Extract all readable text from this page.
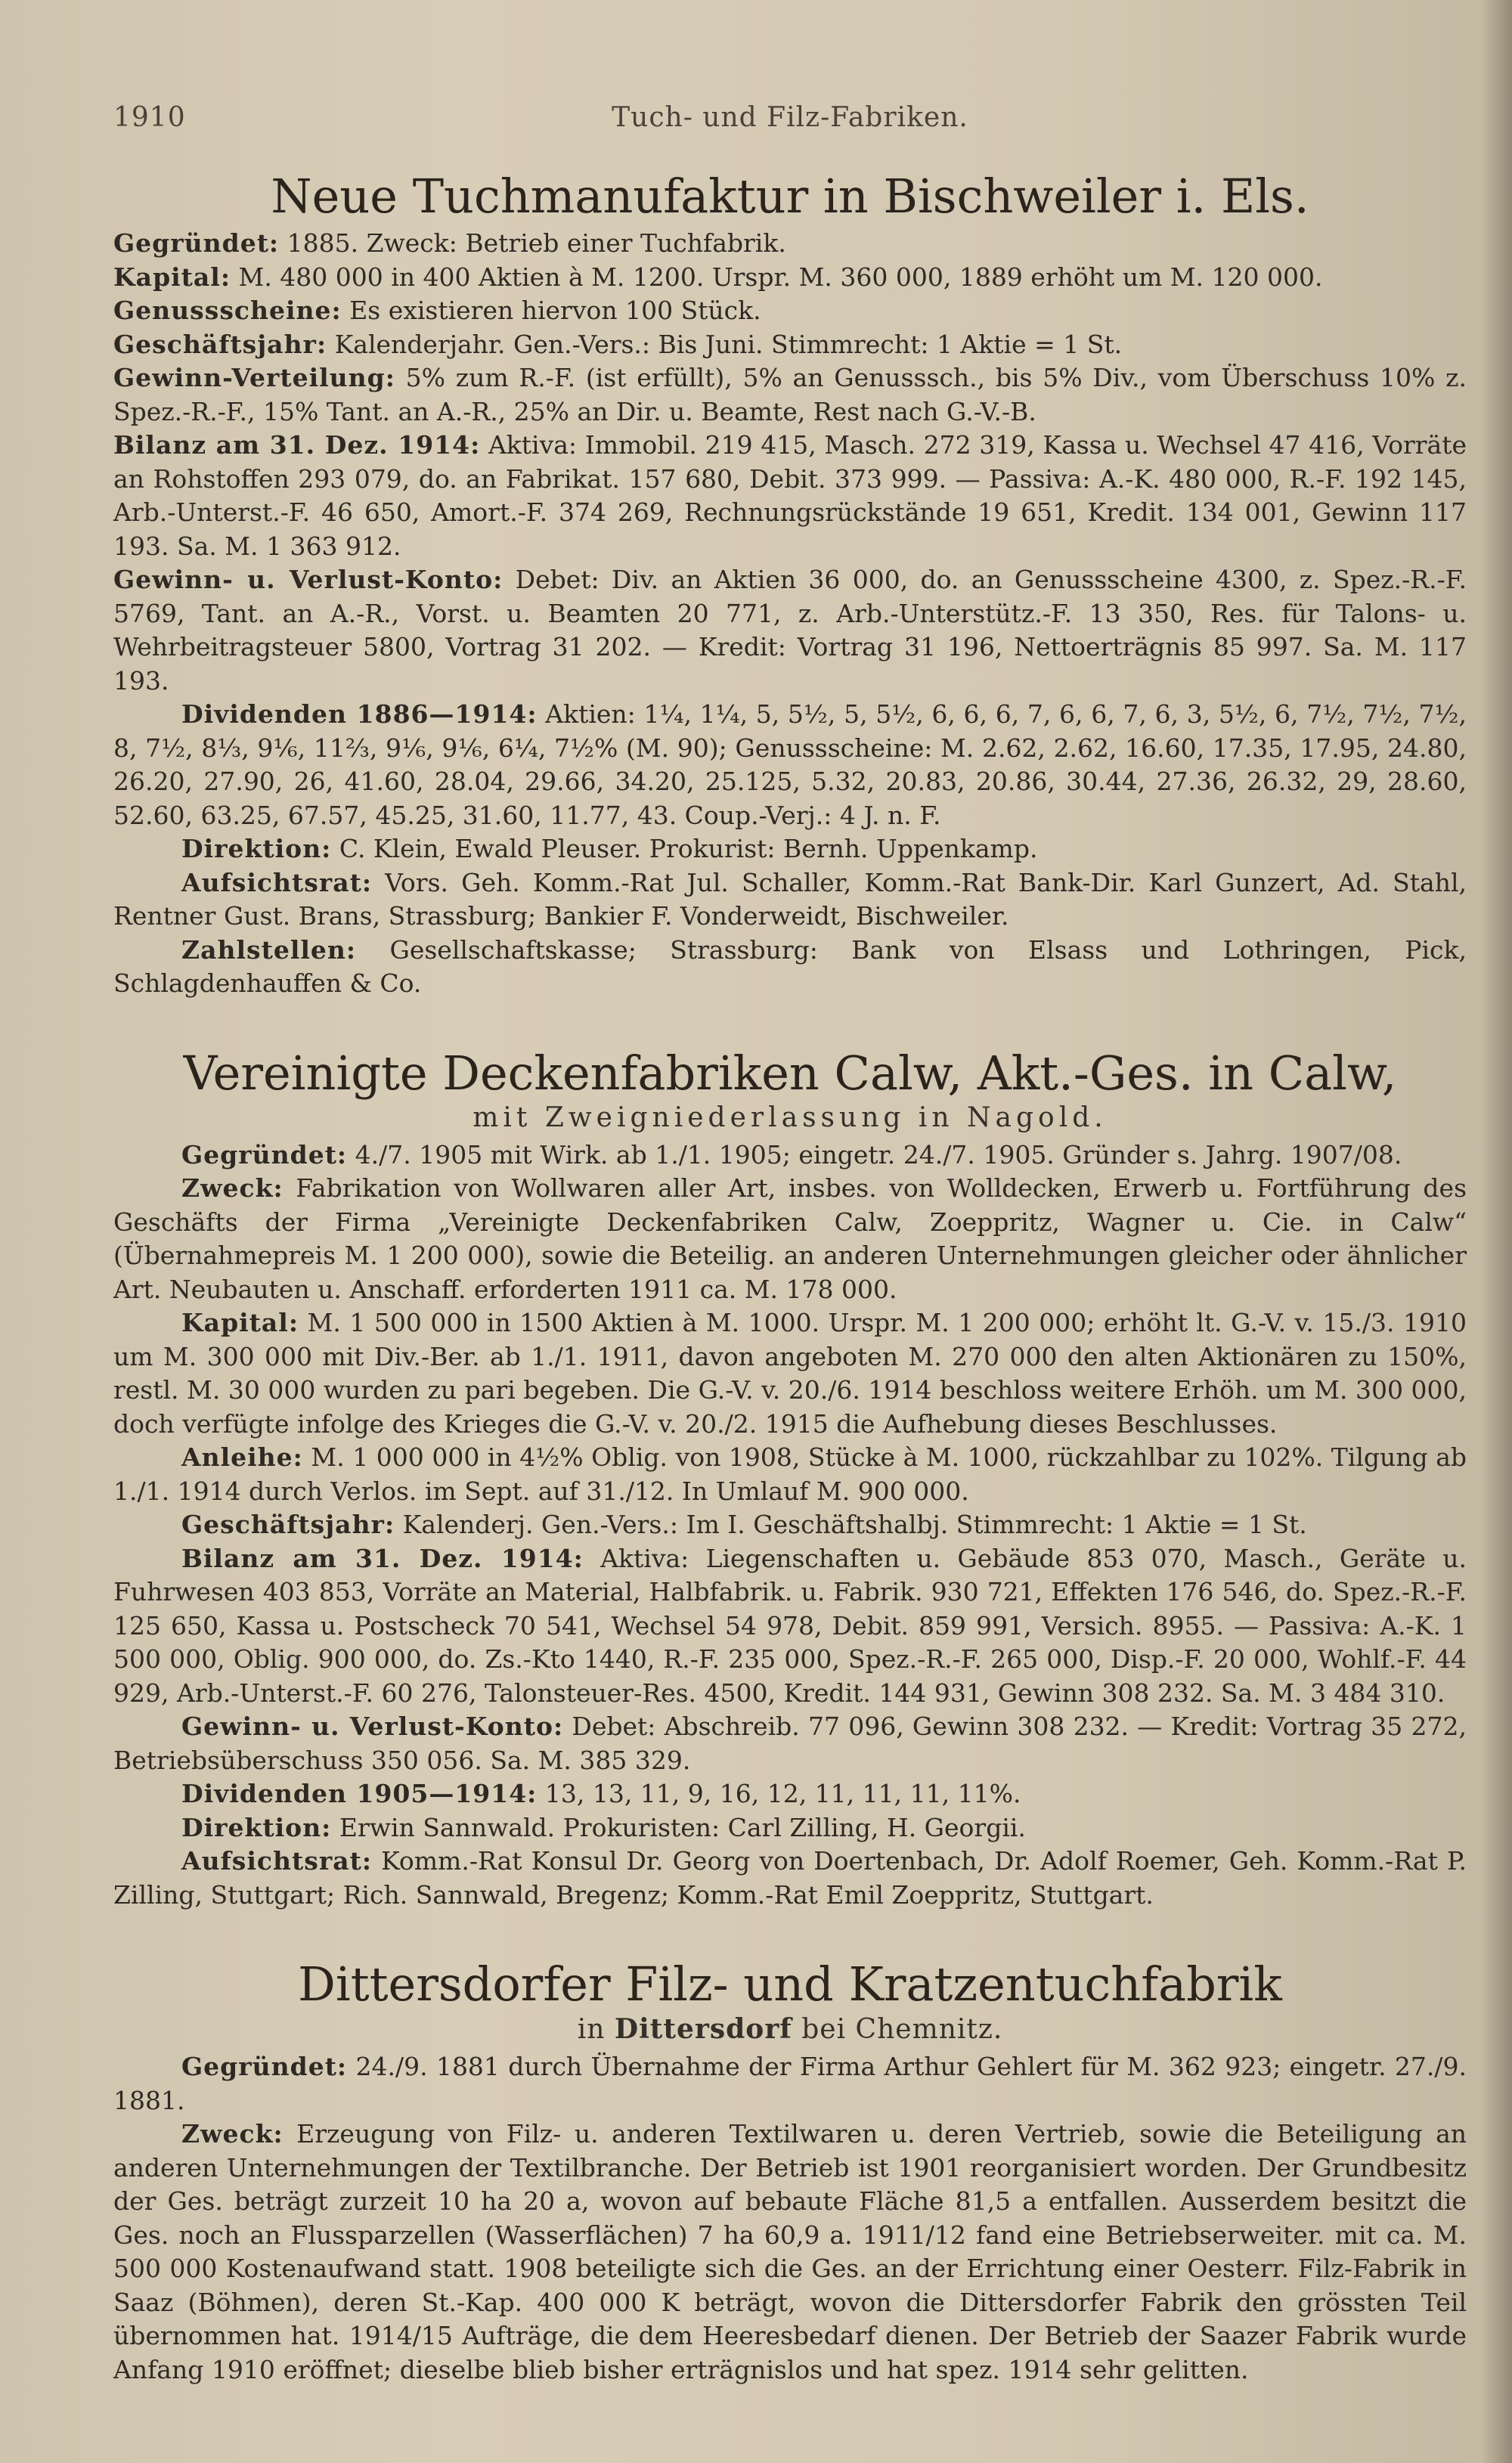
1910	Tuch- und Filz-Fabriken.
Neue Tuchmanufaktur in Bischweiler i. Els.

Gegründet: 1885. Zweck: Betrieb einer Tuchfabrik.

Kapital: M. 480 000 in 400 Aktien à M. 1200. Urspr. M. 360 000, 1889 erhöht um M. 120 000.

Genussscheine: Es existieren hiervon 100 Stück.

Geschäftsjahr: Kalenderjahr. Gen.-Vers.: Bis Juni. Stimmrecht: 1 Aktie = 1 St.

Gewinn-Verteilung: 5% zum R.-F. (ist erfüllt), 5% an Genusssch., bis 5% Div., vom Überschuss 10% z. Spez.-R.-F., 15% Tant. an A.-R., 25% an Dir. u. Beamte, Rest nach G.-V.-B.

Bilanz am 31. Dez. 1914: Aktiva: Immobil. 219 415, Masch. 272 319, Kassa u. Wechsel 47 416, Vorräte an Rohstoffen 293 079, do. an Fabrikat. 157 680, Debit. 373 999. — Passiva: A.-K. 480 000, R.-F. 192 145, Arb.-Unterst.-F. 46 650, Amort.-F. 374 269, Rechnungsrückstände 19 651, Kredit. 134 001, Gewinn 117 193. Sa. M. 1 363 912.

Gewinn- u. Verlust-Konto: Debet: Div. an Aktien 36 000, do. an Genussscheine 4300, z. Spez.-R.-F. 5769, Tant. an A.-R., Vorst. u. Beamten 20 771, z. Arb.-Unterstütz.-F. 13 350, Res. für Talons- u. Wehrbeitragsteuer 5800, Vortrag 31 202. — Kredit: Vortrag 31 196, Nettoerträgnis 85 997. Sa. M. 117 193.

Dividenden 1886—1914: Aktien: 1¼, 1¼, 5, 5½, 5, 5½, 6, 6, 6, 7, 6, 6, 7, 6, 3, 5½, 6, 7½, 7½, 7½, 8, 7½, 8⅓, 9⅙, 11⅔, 9⅙, 9⅙, 6¼, 7½% (M. 90); Genussscheine: M. 2.62, 2.62, 16.60, 17.35, 17.95, 24.80, 26.20, 27.90, 26, 41.60, 28.04, 29.66, 34.20, 25.125, 5.32, 20.83, 20.86, 30.44, 27.36, 26.32, 29, 28.60, 52.60, 63.25, 67.57, 45.25, 31.60, 11.77, 43. Coup.-Verj.: 4 J. n. F.

Direktion: C. Klein, Ewald Pleuser. Prokurist: Bernh. Uppenkamp.

Aufsichtsrat: Vors. Geh. Komm.-Rat Jul. Schaller, Komm.-Rat Bank-Dir. Karl Gunzert, Ad. Stahl, Rentner Gust. Brans, Strassburg; Bankier F. Vonderweidt, Bischweiler.

Zahlstellen: Gesellschaftskasse; Strassburg: Bank von Elsass und Lothringen, Pick, Schlagdenhauffen & Co.

Vereinigte Deckenfabriken Calw, Akt.-Ges. in Calw,
mit Zweigniederlassung in Nagold.

Gegründet: 4./7. 1905 mit Wirk. ab 1./1. 1905; eingetr. 24./7. 1905. Gründer s. Jahrg. 1907/08.

Zweck: Fabrikation von Wollwaren aller Art, insbes. von Wolldecken, Erwerb u. Fortführung des Geschäfts der Firma „Vereinigte Deckenfabriken Calw, Zoeppritz, Wagner u. Cie. in Calw“ (Übernahmepreis M. 1 200 000), sowie die Beteilig. an anderen Unternehmungen gleicher oder ähnlicher Art. Neubauten u. Anschaff. erforderten 1911 ca. M. 178 000.

Kapital: M. 1 500 000 in 1500 Aktien à M. 1000. Urspr. M. 1 200 000; erhöht lt. G.-V. v. 15./3. 1910 um M. 300 000 mit Div.-Ber. ab 1./1. 1911, davon angeboten M. 270 000 den alten Aktionären zu 150%, restl. M. 30 000 wurden zu pari begeben. Die G.-V. v. 20./6. 1914 beschloss weitere Erhöh. um M. 300 000, doch verfügte infolge des Krieges die G.-V. v. 20./2. 1915 die Aufhebung dieses Beschlusses.

Anleihe: M. 1 000 000 in 4½% Oblig. von 1908, Stücke à M. 1000, rückzahlbar zu 102%. Tilgung ab 1./1. 1914 durch Verlos. im Sept. auf 31./12. In Umlauf M. 900 000.

Geschäftsjahr: Kalenderj. Gen.-Vers.: Im I. Geschäftshalbj. Stimmrecht: 1 Aktie = 1 St.

Bilanz am 31. Dez. 1914: Aktiva: Liegenschaften u. Gebäude 853 070, Masch., Geräte u. Fuhrwesen 403 853, Vorräte an Material, Halbfabrik. u. Fabrik. 930 721, Effekten 176 546, do. Spez.-R.-F. 125 650, Kassa u. Postscheck 70 541, Wechsel 54 978, Debit. 859 991, Versich. 8955. — Passiva: A.-K. 1 500 000, Oblig. 900 000, do. Zs.-Kto 1440, R.-F. 235 000, Spez.-R.-F. 265 000, Disp.-F. 20 000, Wohlf.-F. 44 929, Arb.-Unterst.-F. 60 276, Talonsteuer-Res. 4500, Kredit. 144 931, Gewinn 308 232. Sa. M. 3 484 310.

Gewinn- u. Verlust-Konto: Debet: Abschreib. 77 096, Gewinn 308 232. — Kredit: Vortrag 35 272, Betriebsüberschuss 350 056. Sa. M. 385 329.

Dividenden 1905—1914: 13, 13, 11, 9, 16, 12, 11, 11, 11, 11%.

Direktion: Erwin Sannwald. Prokuristen: Carl Zilling, H. Georgii.

Aufsichtsrat: Komm.-Rat Konsul Dr. Georg von Doertenbach, Dr. Adolf Roemer, Geh. Komm.-Rat P. Zilling, Stuttgart; Rich. Sannwald, Bregenz; Komm.-Rat Emil Zoeppritz, Stuttgart.

Dittersdorfer Filz- und Kratzentuchfabrik
in Dittersdorf bei Chemnitz.

Gegründet: 24./9. 1881 durch Übernahme der Firma Arthur Gehlert für M. 362 923; eingetr. 27./9. 1881.

Zweck: Erzeugung von Filz- u. anderen Textilwaren u. deren Vertrieb, sowie die Beteiligung an anderen Unternehmungen der Textilbranche. Der Betrieb ist 1901 reorganisiert worden. Der Grundbesitz der Ges. beträgt zurzeit 10 ha 20 a, wovon auf bebaute Fläche 81,5 a entfallen. Ausserdem besitzt die Ges. noch an Flussparzellen (Wasserflächen) 7 ha 60,9 a. 1911/12 fand eine Betriebserweiter. mit ca. M. 500 000 Kostenaufwand statt. 1908 beteiligte sich die Ges. an der Errichtung einer Oesterr. Filz-Fabrik in Saaz (Böhmen), deren St.-Kap. 400 000 K beträgt, wovon die Dittersdorfer Fabrik den grössten Teil übernommen hat. 1914/15 Aufträge, die dem Heeresbedarf dienen. Der Betrieb der Saazer Fabrik wurde Anfang 1910 eröffnet; dieselbe blieb bisher erträgnislos und hat spez. 1914 sehr gelitten.
